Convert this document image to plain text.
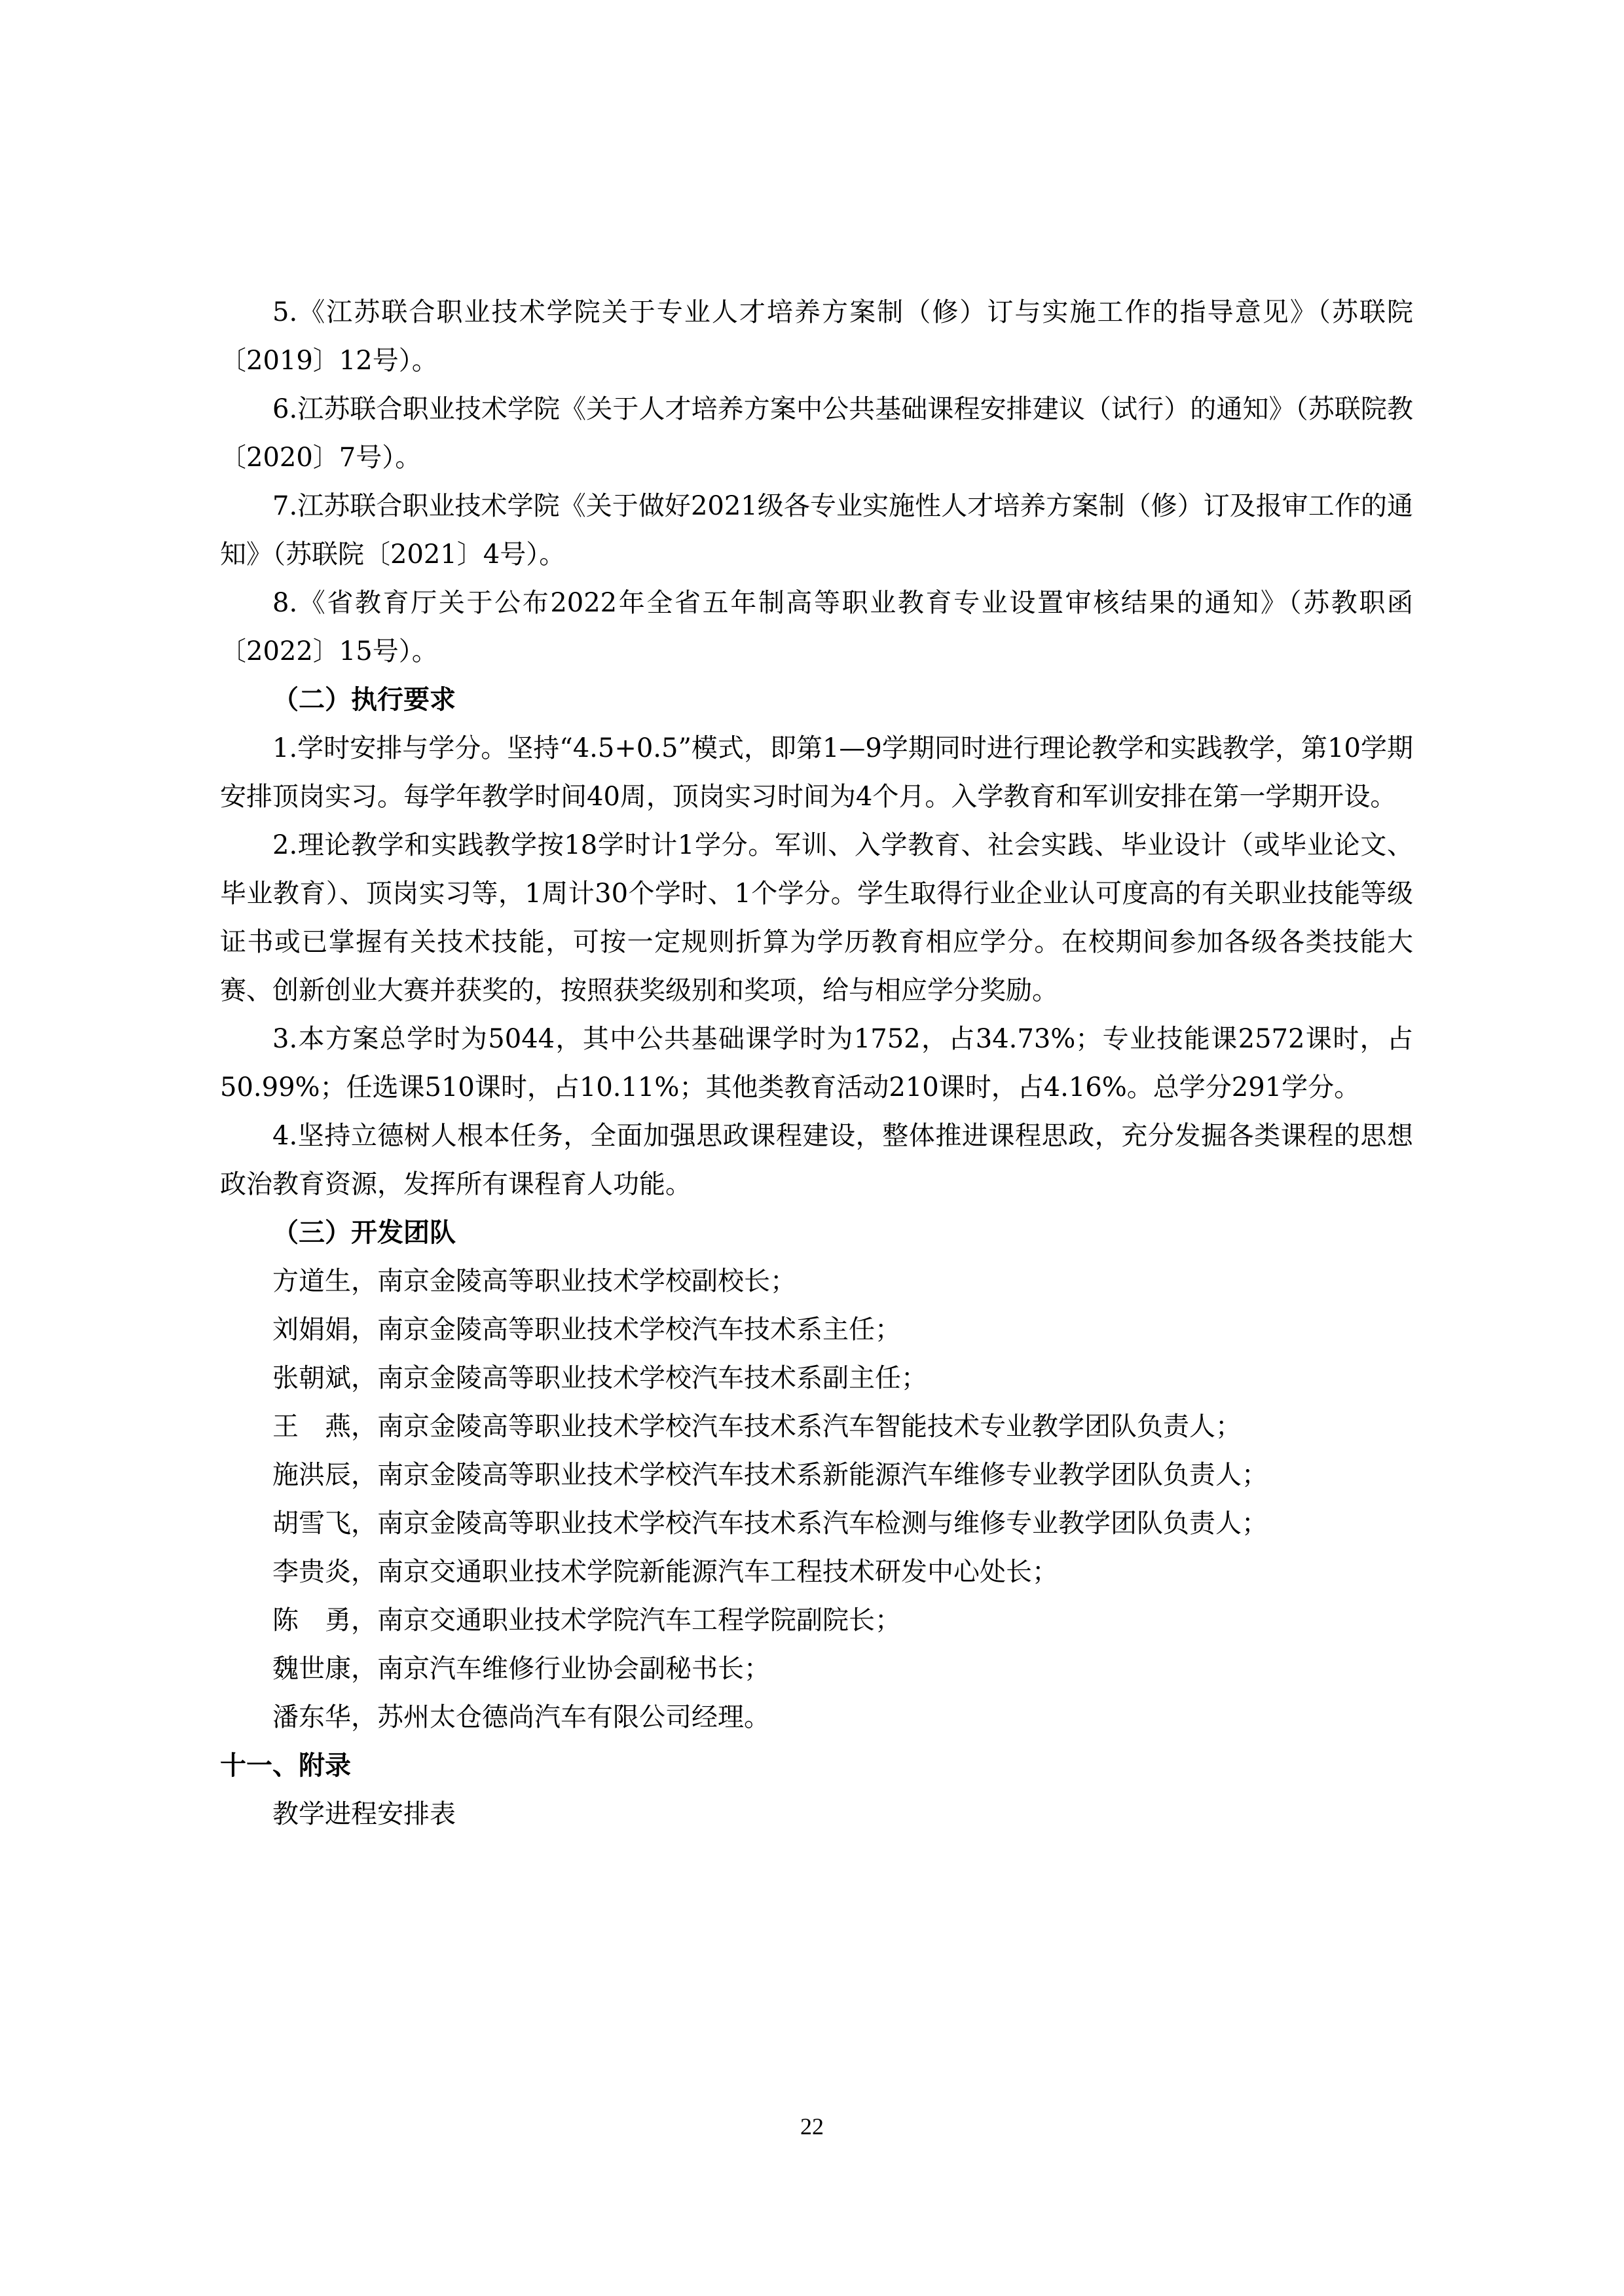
5.《江苏联合职业技术学院关于专业人才培养方案制（修）订与实施工作的指导意见》（苏联院〔2019〕12号）。

6.江苏联合职业技术学院《关于人才培养方案中公共基础课程安排建议（试行）的通知》（苏联院教〔2020〕7号）。

7.江苏联合职业技术学院《关于做好2021级各专业实施性人才培养方案制（修）订及报审工作的通知》（苏联院〔2021〕4号）。

8.《省教育厅关于公布2022年全省五年制高等职业教育专业设置审核结果的通知》（苏教职函〔2022〕15号）。

（二）执行要求

1.学时安排与学分。坚持“4.5+0.5”模式，即第1—9学期同时进行理论教学和实践教学，第10学期安排顶岗实习。每学年教学时间40周，顶岗实习时间为4个月。入学教育和军训安排在第一学期开设。

2.理论教学和实践教学按18学时计1学分。军训、入学教育、社会实践、毕业设计（或毕业论文、毕业教育）、顶岗实习等，1周计30个学时、1个学分。学生取得行业企业认可度高的有关职业技能等级证书或已掌握有关技术技能，可按一定规则折算为学历教育相应学分。在校期间参加各级各类技能大赛、创新创业大赛并获奖的，按照获奖级别和奖项，给与相应学分奖励。

3.本方案总学时为5044，其中公共基础课学时为1752，占34.73%；专业技能课2572课时，占50.99%；任选课510课时，占10.11%；其他类教育活动210课时，占4.16%。总学分291学分。

4.坚持立德树人根本任务，全面加强思政课程建设，整体推进课程思政，充分发掘各类课程的思想政治教育资源，发挥所有课程育人功能。

（三）开发团队

方道生，南京金陵高等职业技术学校副校长；

刘娟娟，南京金陵高等职业技术学校汽车技术系主任；

张朝斌，南京金陵高等职业技术学校汽车技术系副主任；

王　燕，南京金陵高等职业技术学校汽车技术系汽车智能技术专业教学团队负责人；

施洪辰，南京金陵高等职业技术学校汽车技术系新能源汽车维修专业教学团队负责人；

胡雪飞，南京金陵高等职业技术学校汽车技术系汽车检测与维修专业教学团队负责人；

李贵炎，南京交通职业技术学院新能源汽车工程技术研发中心处长；

陈　勇，南京交通职业技术学院汽车工程学院副院长；

魏世康，南京汽车维修行业协会副秘书长；

潘东华，苏州太仓德尚汽车有限公司经理。

十一、附录

教学进程安排表

22
